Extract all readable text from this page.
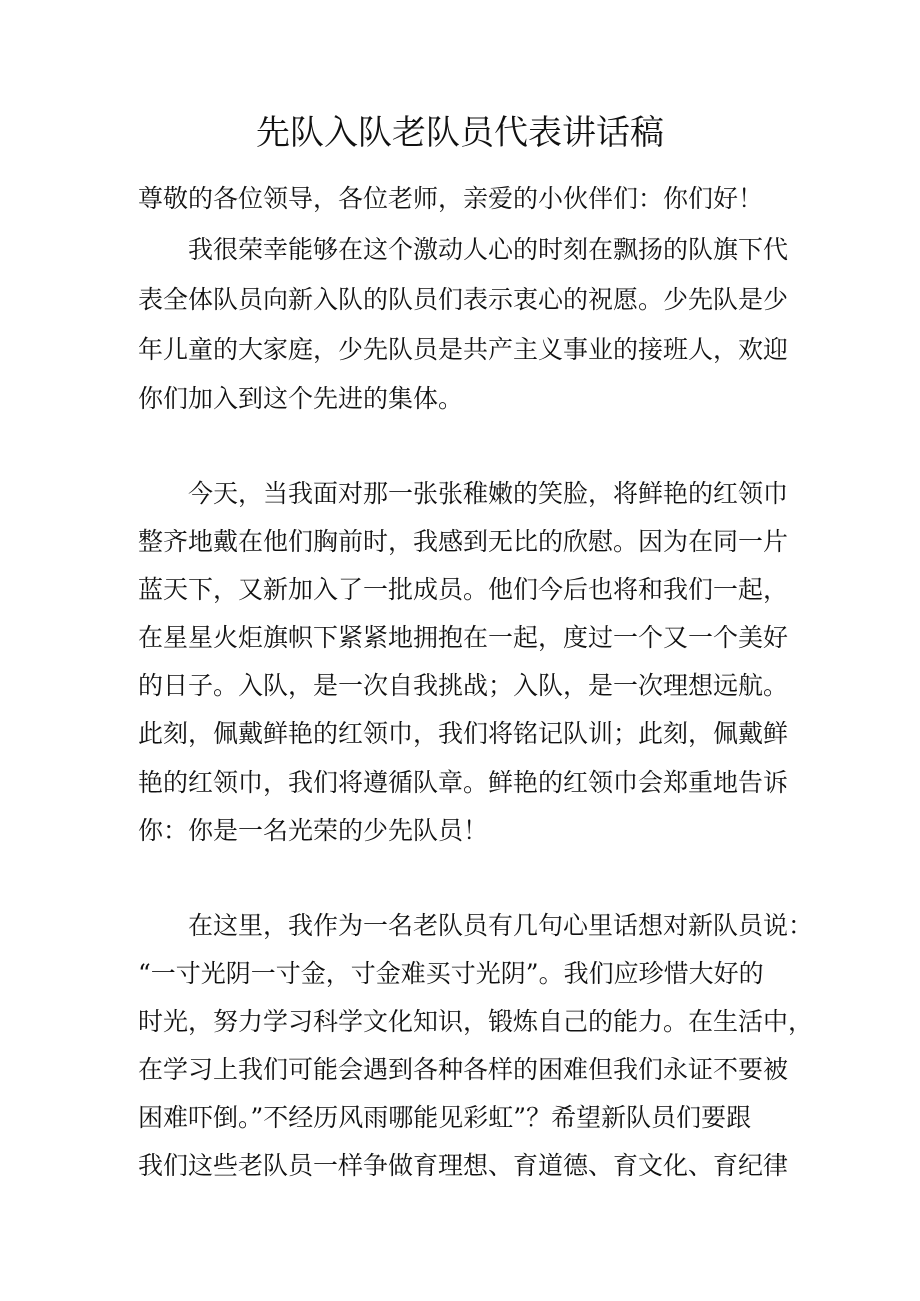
先队入队老队员代表讲话稿

尊敬的各位领导，各位老师，亲爱的小伙伴们：你们好！

我很荣幸能够在这个激动人心的时刻在飘扬的队旗下代

表全体队员向新入队的队员们表示衷心的祝愿。少先队是少

年儿童的大家庭，少先队员是共产主义事业的接班人，欢迎

你们加入到这个先进的集体。

今天，当我面对那一张张稚嫩的笑脸，将鲜艳的红领巾

整齐地戴在他们胸前时，我感到无比的欣慰。因为在同一片

蓝天下，又新加入了一批成员。他们今后也将和我们一起，

在星星火炬旗帜下紧紧地拥抱在一起，度过一个又一个美好

的日子。入队，是一次自我挑战；入队，是一次理想远航。

此刻，佩戴鲜艳的红领巾，我们将铭记队训；此刻，佩戴鲜

艳的红领巾，我们将遵循队章。鲜艳的红领巾会郑重地告诉

你：你是一名光荣的少先队员！

在这里，我作为一名老队员有几句心里话想对新队员说：

“一寸光阴一寸金，寸金难买寸光阴”。我们应珍惜大好的

时光，努力学习科学文化知识，锻炼自己的能力。在生活中，

在学习上我们可能会遇到各种各样的困难但我们永证不要被

困难吓倒。”不经历风雨哪能见彩虹”？希望新队员们要跟

我们这些老队员一样争做育理想、育道德、育文化、育纪律
